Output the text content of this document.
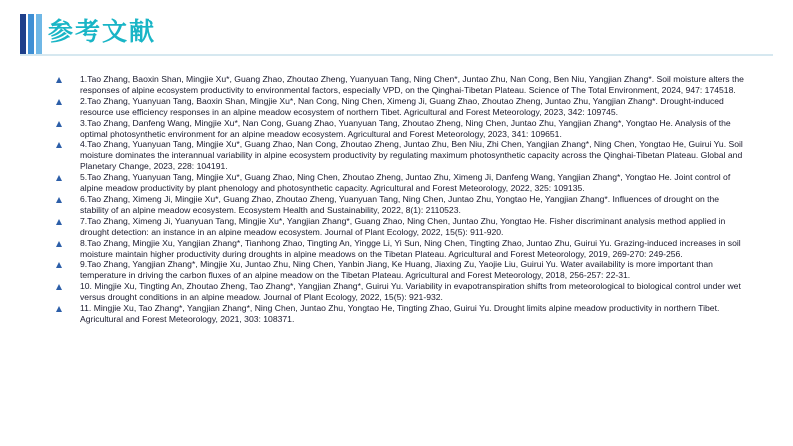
参考文献
1.Tao Zhang, Baoxin Shan, Mingjie Xu*, Guang Zhao, Zhoutao Zheng, Yuanyuan Tang, Ning Chen*, Juntao Zhu, Nan Cong, Ben Niu, Yangjian Zhang*. Soil moisture alters the responses of alpine ecosystem productivity to environmental factors, especially VPD, on the Qinghai-Tibetan Plateau. Science of The Total Environment, 2024, 947: 174518.
2.Tao Zhang, Yuanyuan Tang, Baoxin Shan, Mingjie Xu*, Nan Cong, Ning Chen, Ximeng Ji, Guang Zhao, Zhoutao Zheng, Juntao Zhu, Yangjian Zhang*. Drought-induced resource use efficiency responses in an alpine meadow ecosystem of northern Tibet. Agricultural and Forest Meteorology, 2023, 342: 109745.
3.Tao Zhang, Danfeng Wang, Mingjie Xu*, Nan Cong, Guang Zhao, Yuanyuan Tang, Zhoutao Zheng, Ning Chen, Juntao Zhu, Yangjian Zhang*, Yongtao He. Analysis of the optimal photosynthetic environment for an alpine meadow ecosystem. Agricultural and Forest Meteorology, 2023, 341: 109651.
4.Tao Zhang, Yuanyuan Tang, Mingjie Xu*, Guang Zhao, Nan Cong, Zhoutao Zheng, Juntao Zhu, Ben Niu, Zhi Chen, Yangjian Zhang*, Ning Chen, Yongtao He, Guirui Yu. Soil moisture dominates the interannual variability in alpine ecosystem productivity by regulating maximum photosynthetic capacity across the Qinghai-Tibetan Plateau. Global and Planetary Change, 2023, 228: 104191.
5.Tao Zhang, Yuanyuan Tang, Mingjie Xu*, Guang Zhao, Ning Chen, Zhoutao Zheng, Juntao Zhu, Ximeng Ji, Danfeng Wang, Yangjian Zhang*, Yongtao He. Joint control of alpine meadow productivity by plant phenology and photosynthetic capacity. Agricultural and Forest Meteorology, 2022, 325: 109135.
6.Tao Zhang, Ximeng Ji, Mingjie Xu*, Guang Zhao, Zhoutao Zheng, Yuanyuan Tang, Ning Chen, Juntao Zhu, Yongtao He, Yangjian Zhang*. Influences of drought on the stability of an alpine meadow ecosystem. Ecosystem Health and Sustainability, 2022, 8(1): 2110523.
7.Tao Zhang, Ximeng Ji, Yuanyuan Tang, Mingjie Xu*, Yangjian Zhang*, Guang Zhao, Ning Chen, Juntao Zhu, Yongtao He. Fisher discriminant analysis method applied in drought detection: an instance in an alpine meadow ecosystem. Journal of Plant Ecology, 2022, 15(5): 911-920.
8.Tao Zhang, Mingjie Xu, Yangjian Zhang*, Tianhong Zhao, Tingting An, Yingge Li, Yi Sun, Ning Chen, Tingting Zhao, Juntao Zhu, Guirui Yu. Grazing-induced increases in soil moisture maintain higher productivity during droughts in alpine meadows on the Tibetan Plateau. Agricultural and Forest Meteorology, 2019, 269-270: 249-256.
9.Tao Zhang, Yangjian Zhang*, Mingjie Xu, Juntao Zhu, Ning Chen, Yanbin Jiang, Ke Huang, Jiaxing Zu, Yaojie Liu, Guirui Yu. Water availability is more important than temperature in driving the carbon fluxes of an alpine meadow on the Tibetan Plateau. Agricultural and Forest Meteorology, 2018, 256-257: 22-31.
10. Mingjie Xu, Tingting An, Zhoutao Zheng, Tao Zhang*, Yangjian Zhang*, Guirui Yu. Variability in evapotranspiration shifts from meteorological to biological control under wet versus drought conditions in an alpine meadow. Journal of Plant Ecology, 2022, 15(5): 921-932.
11. Mingjie Xu, Tao Zhang*, Yangjian Zhang*, Ning Chen, Juntao Zhu, Yongtao He, Tingting Zhao, Guirui Yu. Drought limits alpine meadow productivity in northern Tibet. Agricultural and Forest Meteorology, 2021, 303: 108371.
